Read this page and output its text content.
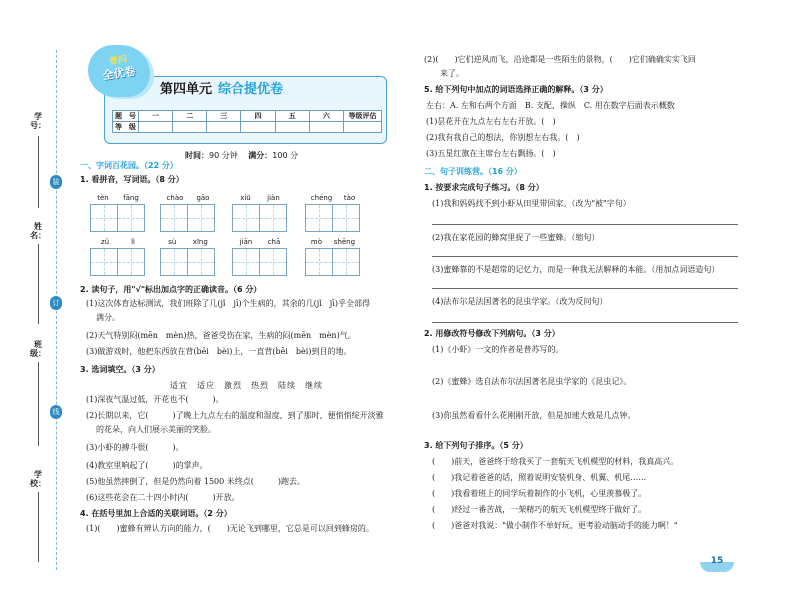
学号：
装
姓名：
订
班级：
线
学校：
普问
全优卷
第四单元 综合提优卷
题　号	一	二	三	四	五	六	等级评估
等　级							
时间：90 分钟　 满分：100 分
一、字词百花园。（22 分）
1. 看拼音，写词语。（8 分）
tèn fāng	chào gāo	xiū jiàn	chéng tào
zǔ	lì	sù xīng	jiān chā	mò shēng
2. 读句子，用"√"标出加点字的正确读音。（6 分）
(1)这次体育达标测试，我们班除了几(jǐ　jī)个生病的，其余的几(jǐ　jī)乎全部得
满分。
(2)天气特别闷(mēn　mèn)热，爸爸受伤在家，生病的闷(mēn　mèn)气。
(3)做游戏时，他把东西放在背(bēi　bèi)上，一直背(bēi　bèi)到目的地。
3. 选词填空。（3 分）
适宜　适应　激烈　热烈　陆续　继续
(1)深夜气温过低，开花也不(　　　)。
(2)长期以来，它(　　　)了晚上九点左右的温度和湿度，到了那时，便悄悄绽开淡雅
的花朵，向人们展示美丽的笑脸。
(3)小虾的搏斗很(　　　)。
(4)教室里响起了(　　　)的掌声。
(5)他虽然摔倒了，但是仍然向着 1500 米终点(　　　)跑去。
(6)这些花会在二十四小时内(　　　)开放。
4. 在括号里加上合适的关联词语。（2 分）
(1)(　　)蜜蜂有辨认方向的能力，(　　)无论飞到哪里，它总是可以回到蜂房的。
(2)(　　)它们逆风而飞，沿途都是一些陌生的景物，(　　)它们确确实实飞回
来了。
5. 给下列句中加点的词语选择正确的解释。（3 分）
左右：A. 左和右两个方面　B. 支配，操纵　C. 用在数字后面表示概数
(1)昙花开在九点左右左右开放。(　)
(2)我有我自己的想法，你别想左右我。(　)
(3)五星红旗在主席台左右飘扬。(　)
二、句子训练营。（16 分）
1. 按要求完成句子练习。（8 分）
(1)我和妈妈找不到小虾从田里带回家。（改为"被"字句）
(2)我在家花园的蜂窝里捉了一些蜜蜂。（缩句）
(3)蜜蜂靠的不是超常的记忆力，而是一种我无法解释的本能。（用加点词语造句）
(4)法布尔是法国著名的昆虫学家。（改为反问句）
2. 用修改符号修改下列病句。（3 分）
(1)《小虾》一文的作者是普苏写的。
(2)《蜜蜂》选自法布尔法国著名昆虫学家的《昆虫记》。
(3)你虽然看看什么花刚刚开放，但是加速大致是几点钟。
3. 给下列句子排序。（5 分）
(　　)前天，爸爸终于给我买了一套航天飞机模型的材料，我真高兴。
(　　)我记着爸爸的话，照着说明安装机身、机翼、机尾……
(　　)我看着班上的同学玩着制作的小飞机，心里羡慕极了。
(　　)经过一番苦战，一架精巧的航天飞机模型终于做好了。
(　　)爸爸对我说："做小制作不单好玩，更考验动脑动手的能力啊！"
15
